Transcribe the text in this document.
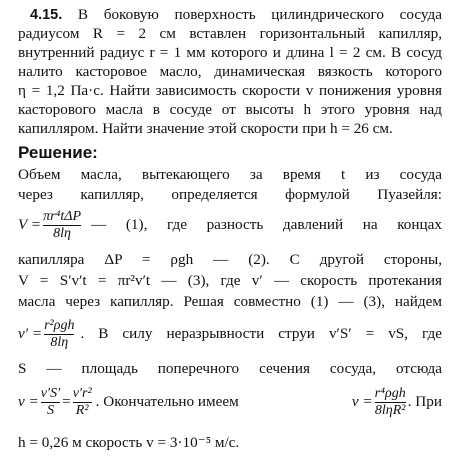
4.15. В боковую поверхность цилиндрического сосуда
радиусом R = 2 см вставлен горизонтальный капилляр,
внутренний радиус r = 1 мм которого и длина l = 2 см. В сосуд
налито касторовое масло, динамическая вязкость которого
η = 1,2 Па·с. Найти зависимость скорости v понижения уровня
касторового масла в сосуде от высоты h этого уровня над
капилляром. Найти значение этой скорости при h = 26 см.
Решение:
Объем масла, вытекающего за время t из сосуда
через капилляр, определяется формулой Пуазейля:
$V = \frac{\text{πr⁴tΔP}}{8l\eta}$ — (1), где разность давлений на концах
капилляра ΔP = ρgh — (2). С другой стороны,
V = S′v′t = πr²v′t — (3), где v′ — скорость протекания
масла через капилляр. Решая совместно (1) — (3), найдем
$v' = \frac{\text{r²ρgh}}{8l\eta}$ . В силу неразрывности струи v′S′ = vS, где
S — площадь поперечного сечения сосуда, отсюда
$v = \frac{v'S'}{S} = \frac{\text{v′r²}}{\text{R²}}$ . Окончательно имеем	$v = \frac{\text{r⁴ρgh}}{\text{8lηR²}}$ . При
h = 0,26 м скорость v = 3·10⁻⁵ м/с.
